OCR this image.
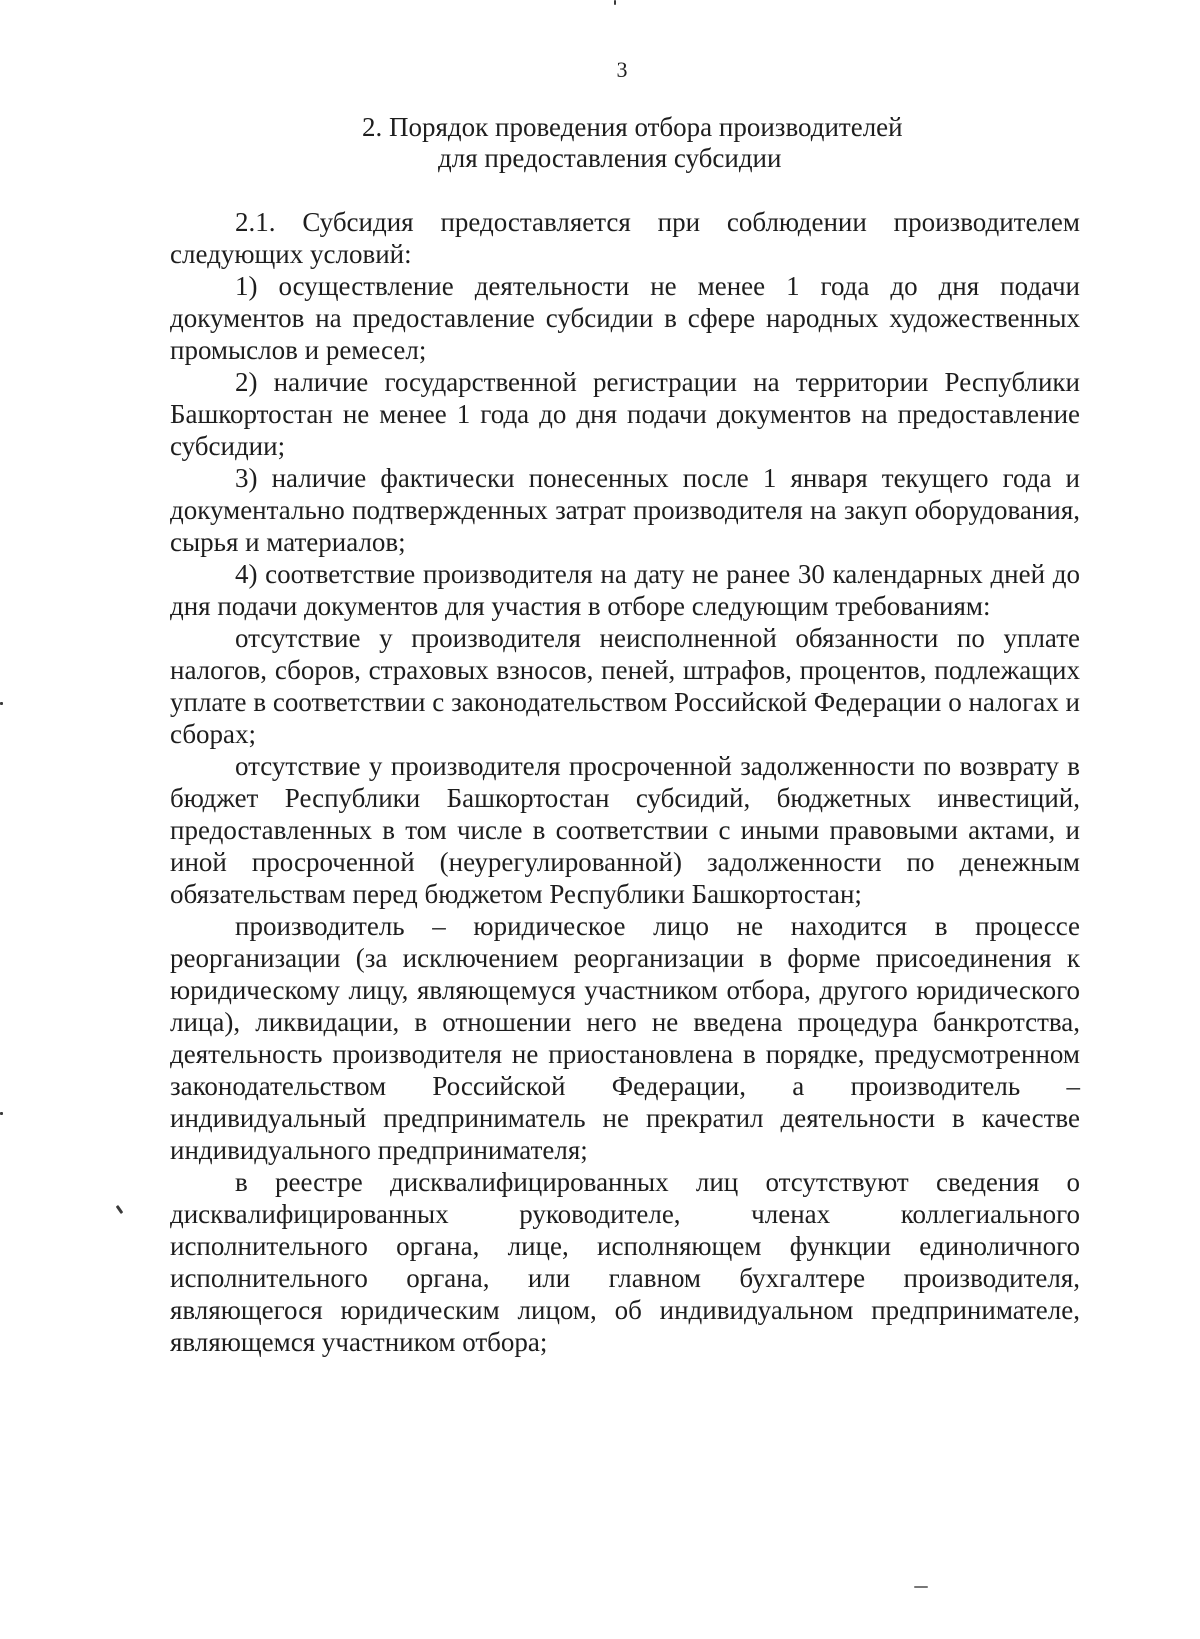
3
2. Порядок проведения отбора производителей
для предоставления субсидии

2.1. Субсидия предоставляется при соблюдении производителем следующих условий:

1) осуществление деятельности не менее 1 года до дня подачи документов на предоставление субсидии в сфере народных художественных промыслов и ремесел;

2) наличие государственной регистрации на территории Республики Башкортостан не менее 1 года до дня подачи документов на предоставление субсидии;

3) наличие фактически понесенных после 1 января текущего года и документально подтвержденных затрат производителя на закуп оборудования, сырья и материалов;

4) соответствие производителя на дату не ранее 30 календарных дней до дня подачи документов для участия в отборе следующим требованиям:

отсутствие у производителя неисполненной обязанности по уплате налогов, сборов, страховых взносов, пеней, штрафов, процентов, подлежащих уплате в соответствии с законодательством Российской Федерации о налогах и сборах;

отсутствие у производителя просроченной задолженности по возврату в бюджет Республики Башкортостан субсидий, бюджетных инвестиций, предоставленных в том числе в соответствии с иными правовыми актами, и иной просроченной (неурегулированной) задолженности по денежным обязательствам перед бюджетом Республики Башкортостан;

производитель – юридическое лицо не находится в процессе реорганизации (за исключением реорганизации в форме присоединения к юридическому лицу, являющемуся участником отбора, другого юридического лица), ликвидации, в отношении него не введена процедура банкротства, деятельность производителя не приостановлена в порядке, предусмотренном законодательством Российской Федерации, а производитель – индивидуальный предприниматель не прекратил деятельности в качестве индивидуального предпринимателя;

в реестре дисквалифицированных лиц отсутствуют сведения о дисквалифицированных руководителе, членах коллегиального исполнительного органа, лице, исполняющем функции единоличного исполнительного органа, или главном бухгалтере производителя, являющегося юридическим лицом, об индивидуальном предпринимателе, являющемся участником отбора;
